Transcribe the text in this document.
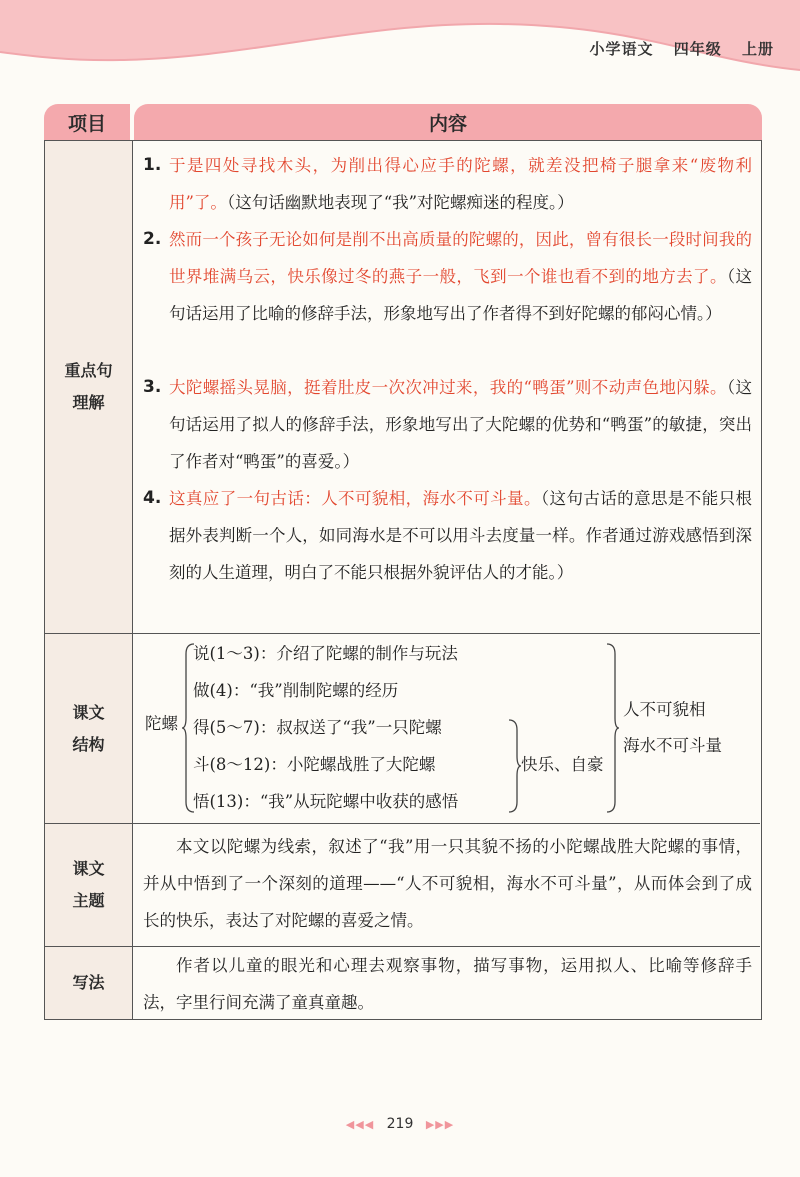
小学语文 四年级 上册
项目	内容
重点句
理解
1. 于是四处寻找木头，为削出得心应手的陀螺，就差没把椅子腿拿来“废物利用”了。（这句话幽默地表现了“我”对陀螺痴迷的程度。）
2. 然而一个孩子无论如何是削不出高质量的陀螺的，因此，曾有很长一段时间我的世界堆满乌云，快乐像过冬的燕子一般，飞到一个谁也看不到的地方去了。（这句话运用了比喻的修辞手法，形象地写出了作者得不到好陀螺的郁闷心情。）
3. 大陀螺摇头晃脑，挺着肚皮一次次冲过来，我的“鸭蛋”则不动声色地闪躲。（这句话运用了拟人的修辞手法，形象地写出了大陀螺的优势和“鸭蛋”的敏捷，突出了作者对“鸭蛋”的喜爱。）
4. 这真应了一句古话：人不可貌相，海水不可斗量。（这句古话的意思是不能只根据外表判断一个人，如同海水是不可以用斗去度量一样。作者通过游戏感悟到深刻的人生道理，明白了不能只根据外貌评估人的才能。）
课文
结构
陀螺
说(1～3)：介绍了陀螺的制作与玩法
做(4)：“我”削制陀螺的经历
得(5～7)：叔叔送了“我”一只陀螺
斗(8～12)：小陀螺战胜了大陀螺
悟(13)：“我”从玩陀螺中收获的感悟
快乐、自豪
人不可貌相
海水不可斗量
课文
主题
本文以陀螺为线索，叙述了“我”用一只其貌不扬的小陀螺战胜大陀螺的事情，并从中悟到了一个深刻的道理——“人不可貌相，海水不可斗量”，从而体会到了成长的快乐，表达了对陀螺的喜爱之情。
写法
作者以儿童的眼光和心理去观察事物，描写事物，运用拟人、比喻等修辞手法，字里行间充满了童真童趣。
◀◀◀ 219 ▶▶▶
